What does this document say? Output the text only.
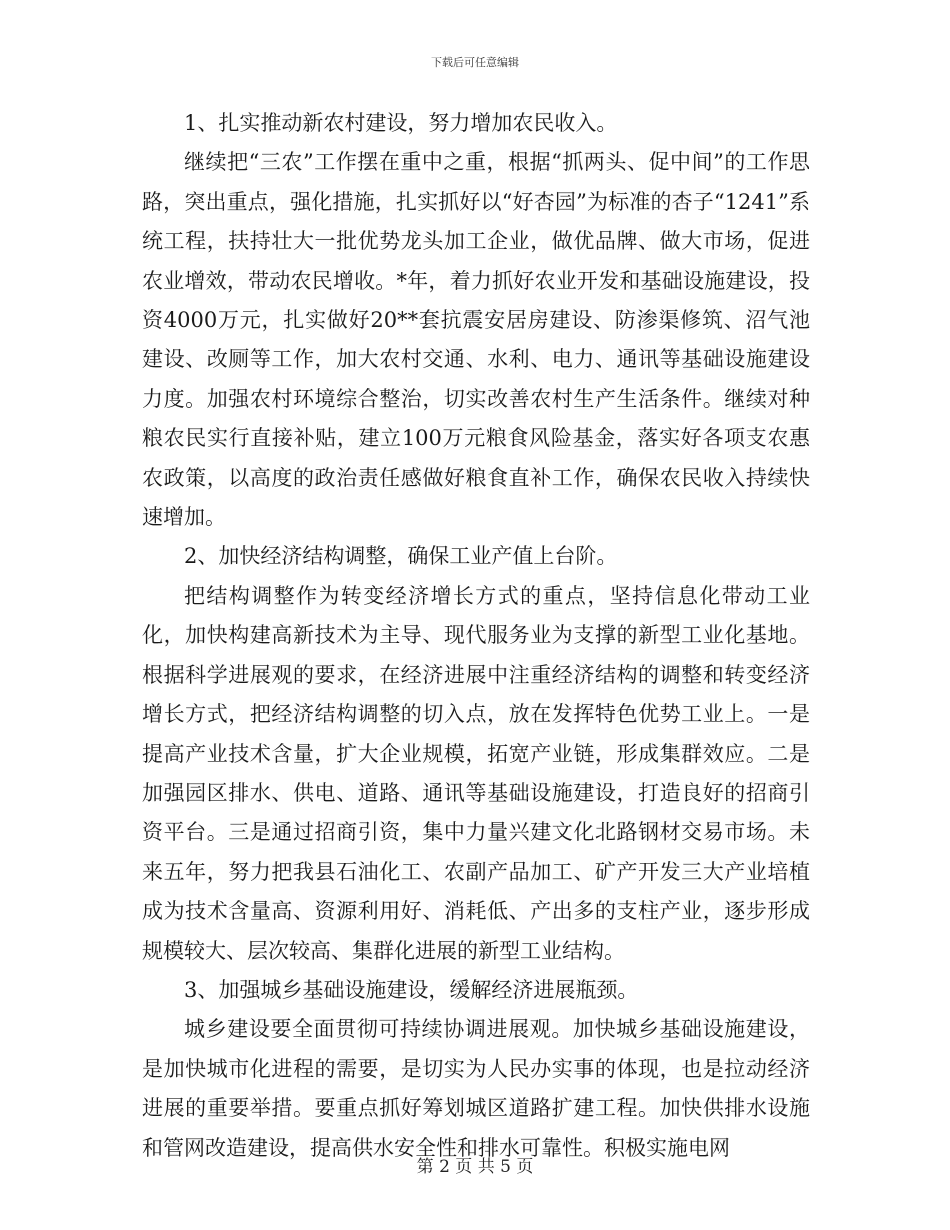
下载后可任意编辑

1、扎实推动新农村建设，努力增加农民收入。

继续把“三农”工作摆在重中之重，根据“抓两头、促中间”的工作思路，突出重点，强化措施，扎实抓好以“好杏园”为标准的杏子“1241”系统工程，扶持壮大一批优势龙头加工企业，做优品牌、做大市场，促进农业增效，带动农民增收。*年，着力抓好农业开发和基础设施建设，投资4000万元，扎实做好20**套抗震安居房建设、防渗渠修筑、沼气池建设、改厕等工作，加大农村交通、水利、电力、通讯等基础设施建设力度。加强农村环境综合整治，切实改善农村生产生活条件。继续对种粮农民实行直接补贴，建立100万元粮食风险基金，落实好各项支农惠农政策，以高度的政治责任感做好粮食直补工作，确保农民收入持续快速增加。

2、加快经济结构调整，确保工业产值上台阶。

把结构调整作为转变经济增长方式的重点，坚持信息化带动工业化，加快构建高新技术为主导、现代服务业为支撑的新型工业化基地。根据科学进展观的要求，在经济进展中注重经济结构的调整和转变经济增长方式，把经济结构调整的切入点，放在发挥特色优势工业上。一是提高产业技术含量，扩大企业规模，拓宽产业链，形成集群效应。二是加强园区排水、供电、道路、通讯等基础设施建设，打造良好的招商引资平台。三是通过招商引资，集中力量兴建文化北路钢材交易市场。未来五年，努力把我县石油化工、农副产品加工、矿产开发三大产业培植成为技术含量高、资源利用好、消耗低、产出多的支柱产业，逐步形成规模较大、层次较高、集群化进展的新型工业结构。

3、加强城乡基础设施建设，缓解经济进展瓶颈。

城乡建设要全面贯彻可持续协调进展观。加快城乡基础设施建设，是加快城市化进程的需要，是切实为人民办实事的体现，也是拉动经济进展的重要举措。要重点抓好筹划城区道路扩建工程。加快供排水设施和管网改造建设，提高供水安全性和排水可靠性。积极实施电网

第 2 页 共 5 页
